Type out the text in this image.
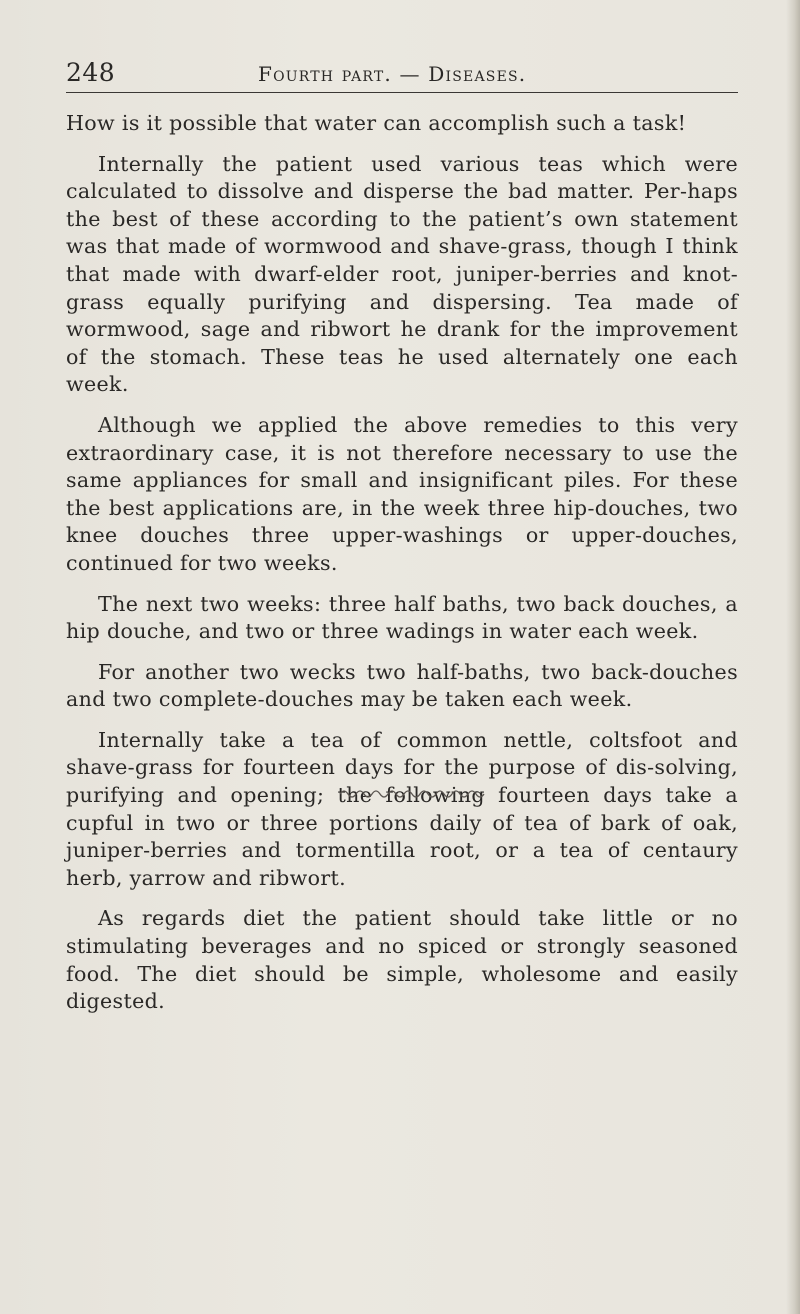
248	Fourth part. — Diseases.

How is it possible that water can accomplish such a task!

Internally the patient used various teas which were calculated to dissolve and disperse the bad matter. Per-haps the best of these according to the patient’s own statement was that made of wormwood and shave-grass, though I think that made with dwarf-elder root, juniper-berries and knot-grass equally purifying and dispersing. Tea made of wormwood, sage and ribwort he drank for the improvement of the stomach. These teas he used alternately one each week.

Although we applied the above remedies to this very extraordinary case, it is not therefore necessary to use the same appliances for small and insignificant piles. For these the best applications are, in the week three hip-douches, two knee douches three upper-washings or upper-douches, continued for two weeks.

The next two weeks: three half baths, two back douches, a hip douche, and two or three wadings in water each week.

For another two wecks two half-baths, two back-douches and two complete-douches may be taken each week.

Internally take a tea of common nettle, coltsfoot and shave-grass for fourteen days for the purpose of dis-solving, purifying and opening; the following fourteen days take a cupful in two or three portions daily of tea of bark of oak, juniper-berries and tormentilla root, or a tea of centaury herb, yarrow and ribwort.

As regards diet the patient should take little or no stimulating beverages and no spiced or strongly seasoned food. The diet should be simple, wholesome and easily digested.
